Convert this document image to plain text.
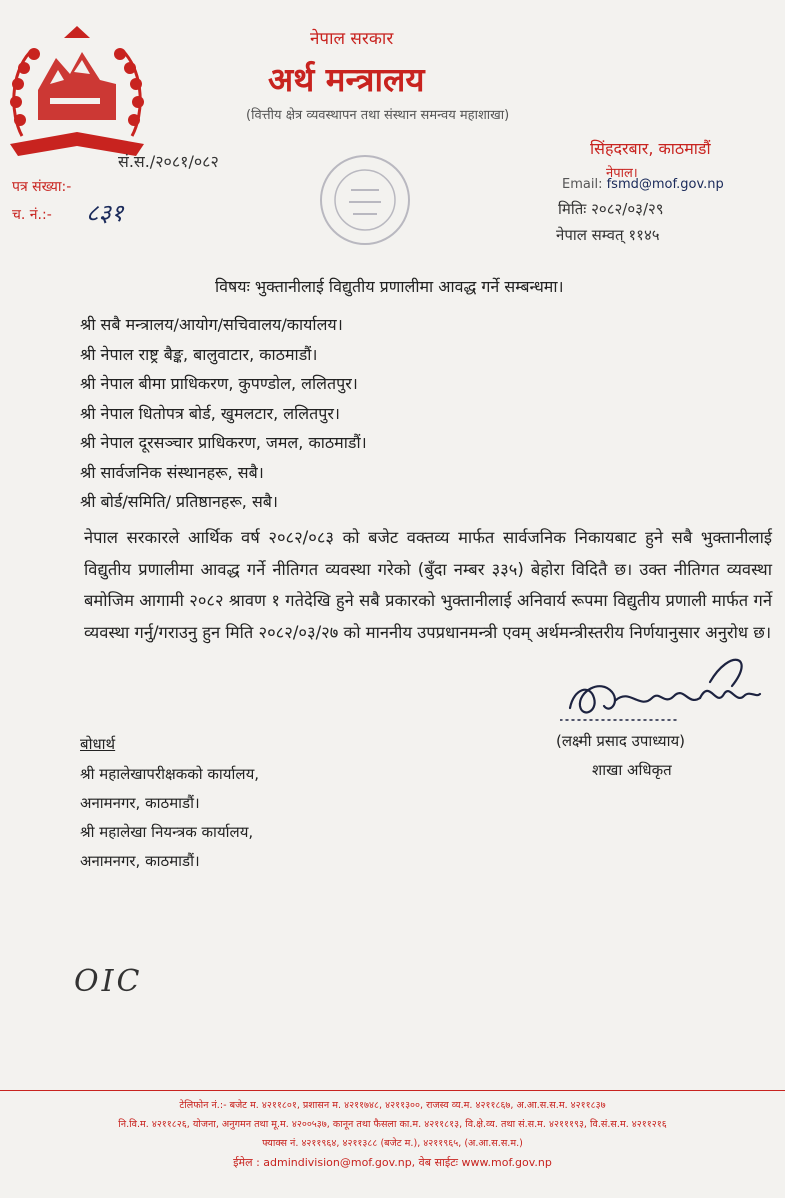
नेपाल सरकार
अर्थ मन्त्रालय
(वित्तीय क्षेत्र व्यवस्थापन तथा संस्थान समन्वय महाशाखा)
सं.स./२०८१/०८२
पत्र संख्या:-
च. नं.:- ८३१
सिंहदरबार, काठमाडौं
नेपाल।
Email: fsmd@mof.gov.np
मितिः २०८२/०३/२९
नेपाल सम्वत् ११४५
विषयः भुक्तानीलाई विद्युतीय प्रणालीमा आवद्ध गर्ने सम्बन्धमा।
श्री सबै मन्त्रालय/आयोग/सचिवालय/कार्यालय।
श्री नेपाल राष्ट्र बैङ्क, बालुवाटार, काठमाडौं।
श्री नेपाल बीमा प्राधिकरण, कुपण्डोल, ललितपुर।
श्री नेपाल धितोपत्र बोर्ड, खुमलटार, ललितपुर।
श्री नेपाल दूरसञ्चार प्राधिकरण, जमल, काठमाडौं।
श्री सार्वजनिक संस्थानहरू, सबै।
श्री बोर्ड/समिति/ प्रतिष्ठानहरू, सबै।
नेपाल सरकारले आर्थिक वर्ष २०८२/०८३ को बजेट वक्तव्य मार्फत सार्वजनिक निकायबाट हुने सबै भुक्तानीलाई विद्युतीय प्रणालीमा आवद्ध गर्ने नीतिगत व्यवस्था गरेको (बुँदा नम्बर ३३५) बेहोरा विदितै छ। उक्त नीतिगत व्यवस्था बमोजिम आगामी २०८२ श्रावण १ गतेदेखि हुने सबै प्रकारको भुक्तानीलाई अनिवार्य रूपमा विद्युतीय प्रणाली मार्फत गर्ने व्यवस्था गर्नु/गराउनु हुन मिति २०८२/०३/२७ को माननीय उपप्रधानमन्त्री एवम् अर्थमन्त्रीस्तरीय निर्णयानुसार अनुरोध छ।
(लक्ष्मी प्रसाद उपाध्याय)
शाखा अधिकृत
बोधार्थ
श्री महालेखापरीक्षकको कार्यालय,
अनामनगर, काठमाडौं।
श्री महालेखा नियन्त्रक कार्यालय,
अनामनगर, काठमाडौं।
OIC
टेलिफोन नं.:- बजेट म. ४२११८०१, प्रशासन म. ४२११७४८, ४२११३००, राजस्व व्य.म. ४२११८६७, अ.आ.स.स.म. ४२११८३७
नि.वि.म. ४२११८२६, योजना, अनुगमन तथा मू.म. ४२००५३७, कानून तथा फैसला का.म. ४२११८१३, वि.क्षे.व्य. तथा सं.स.म. ४२१११९३, वि.सं.स.म. ४२११२१६
फ्याक्स नं. ४२११९६४, ४२११३८८ (बजेट म.), ४२११९६५, (अ.आ.स.स.म.)
ईमेल : admindivision@mof.gov.np, वेब साईटः www.mof.gov.np
